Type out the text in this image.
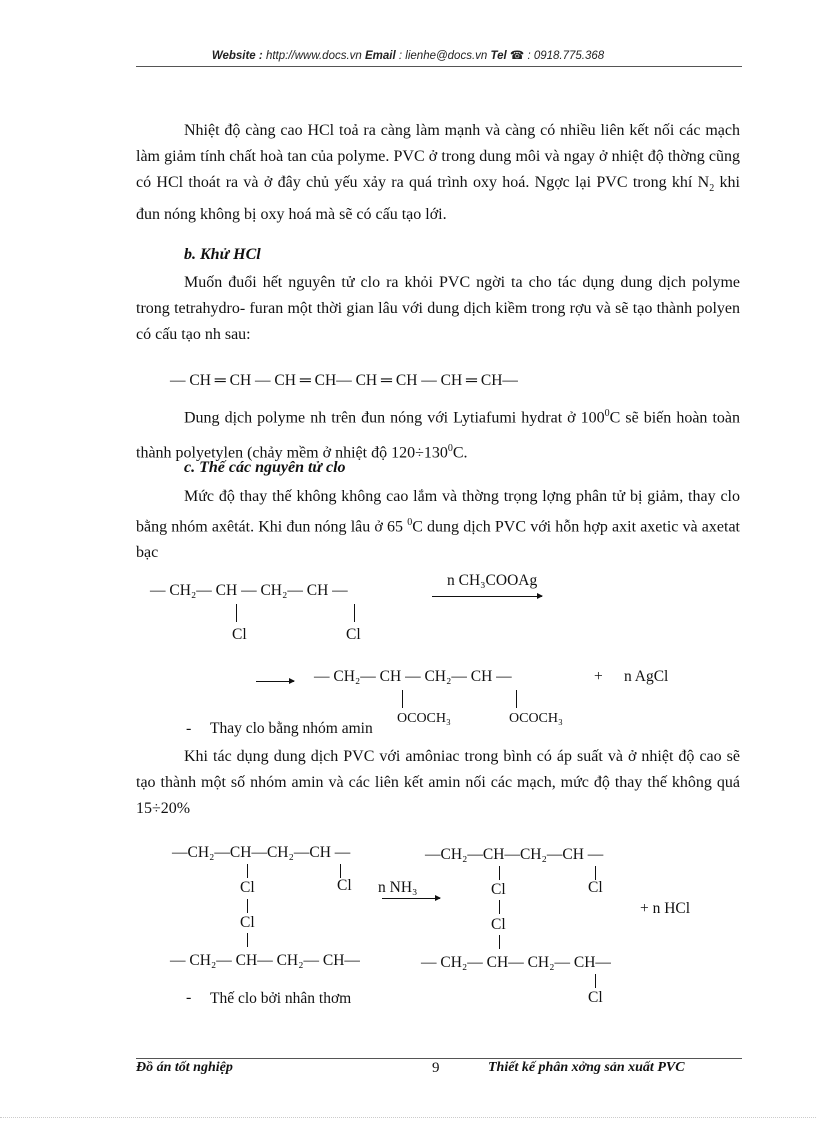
Website : http://www.docs.vn Email : lienhe@docs.vn Tel ☎ : 0918.775.368
Nhiệt độ càng cao HCl toả ra càng làm mạnh và càng có nhiều liên kết nối các mạch làm giảm tính chất hoà tan của polyme. PVC ở trong dung môi và ngay ở nhiệt độ thờng cũng có HCl thoát ra và ở đây chủ yếu xảy ra quá trình oxy hoá. Ngợc lại PVC trong khí $N_2$ khi đun nóng không bị oxy hoá mà sẽ có cấu tạo lới.
b. Khử HCl
Muốn đuổi hết nguyên tử clo ra khỏi PVC ngời ta cho tác dụng dung dịch polyme trong tetrahydro- furan một thời gian lâu với dung dịch kiềm trong rợu và sẽ tạo thành polyen có cấu tạo nh sau:
— CH ═ CH — CH ═ CH— CH ═ CH — CH ═ CH—
Dung dịch polyme nh trên đun nóng với Lytiafumi hydrat ở $100^0C$ sẽ biến hoàn toàn thành polyetylen (chảy mềm ở nhiệt độ $120\div 130^0C$.
c. Thế các nguyên tử clo
Mức độ thay thế không không cao lắm và thờng trọng lợng phân tử bị giảm, thay clo bằng nhóm axêtát. Khi đun nóng lâu ở 65 $^0$C dung dịch PVC với hỗn hợp axit axetic và axetat bạc
— CH₂— CH — CH₂— CH —
Cl	Cl
n CH₃COOAg
→ — CH₂— CH — CH₂— CH —	+ n AgCl
OCOCH₃	OCOCH₃
- Thay clo bằng nhóm amin
Khi tác dụng dung dịch PVC với amôniac trong bình có áp suất và ở nhiệt độ cao sẽ tạo thành một số nhóm amin và các liên kết amin nối các mạch, mức độ thay thế không quá 15÷20%
—CH₂—CH—CH₂—CH —
Cl	Cl
Cl
— CH₂— CH— CH₂— CH—
n NH₃
—CH₂—CH—CH₂—CH —
Cl	Cl
Cl
— CH₂— CH— CH₂— CH—
Cl
+ n HCl
- Thế clo bởi nhân thơm
Đồ án tốt nghiệp	9	Thiết kế phân xởng sản xuất PVC
